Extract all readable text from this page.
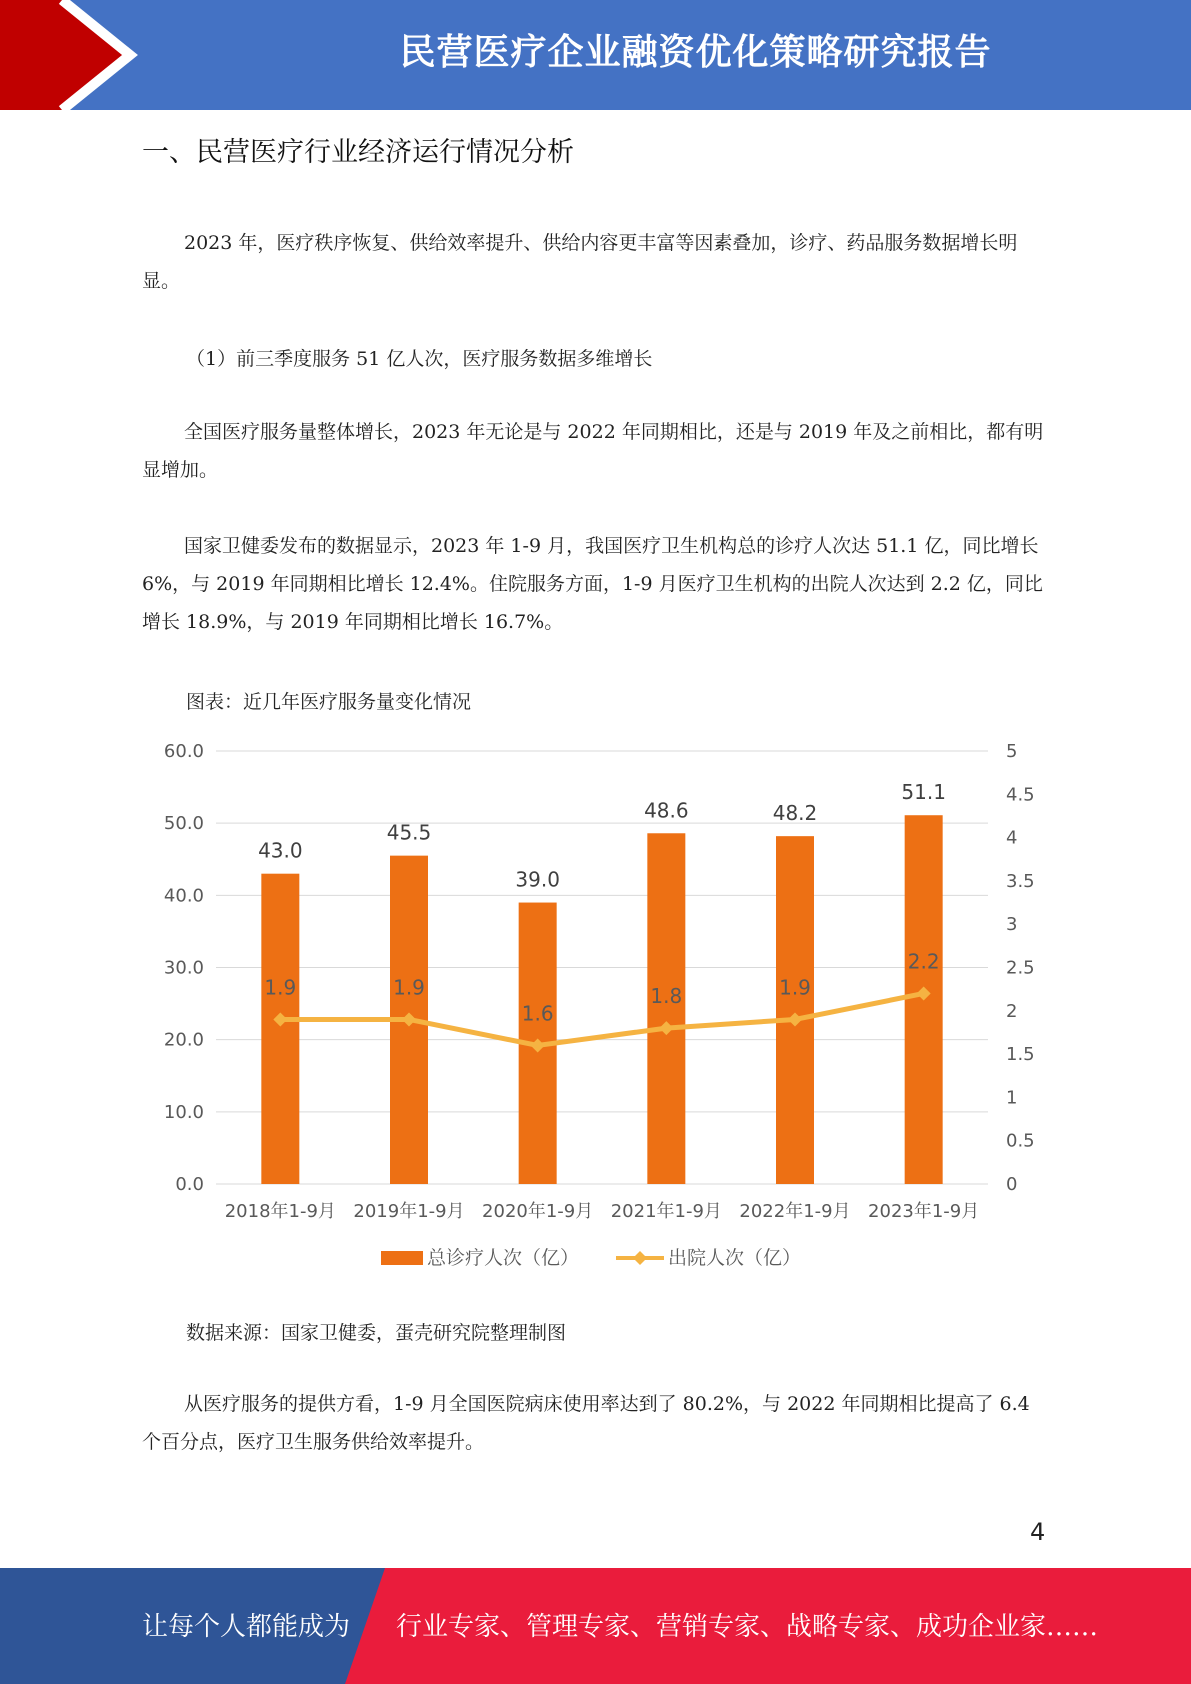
民营医疗企业融资优化策略研究报告
一、民营医疗行业经济运行情况分析

2023 年，医疗秩序恢复、供给效率提升、供给内容更丰富等因素叠加，诊疗、药品服务数据增长明显。

（1）前三季度服务 51 亿人次，医疗服务数据多维增长

全国医疗服务量整体增长，2023 年无论是与 2022 年同期相比，还是与 2019 年及之前相比，都有明显增加。

国家卫健委发布的数据显示，2023 年 1-9 月，我国医疗卫生机构总的诊疗人次达 51.1 亿，同比增长 6%，与 2019 年同期相比增长 12.4%。住院服务方面，1-9 月医疗卫生机构的出院人次达到 2.2 亿，同比增长 18.9%，与 2019 年同期相比增长 16.7%。

图表：近几年医疗服务量变化情况
0.0
10.0
20.0
30.0
40.0
50.0
60.0
0
0.5
1
1.5
2
2.5
3
3.5
4
4.5
5
43.0
2018年1-9月
45.5
2019年1-9月
39.0
2020年1-9月
48.6
2021年1-9月
48.2
2022年1-9月
51.1
2023年1-9月
1.9	1.9
1.6
1.8	1.9
2.2
总诊疗人次（亿）	出院人次（亿）
数据来源：国家卫健委，蛋壳研究院整理制图

从医疗服务的提供方看，1-9 月全国医院病床使用率达到了 80.2%，与 2022 年同期相比提高了 6.4 个百分点，医疗卫生服务供给效率提升。

4
让每个人都能成为 行业专家、管理专家、营销专家、战略专家、成功企业家……
